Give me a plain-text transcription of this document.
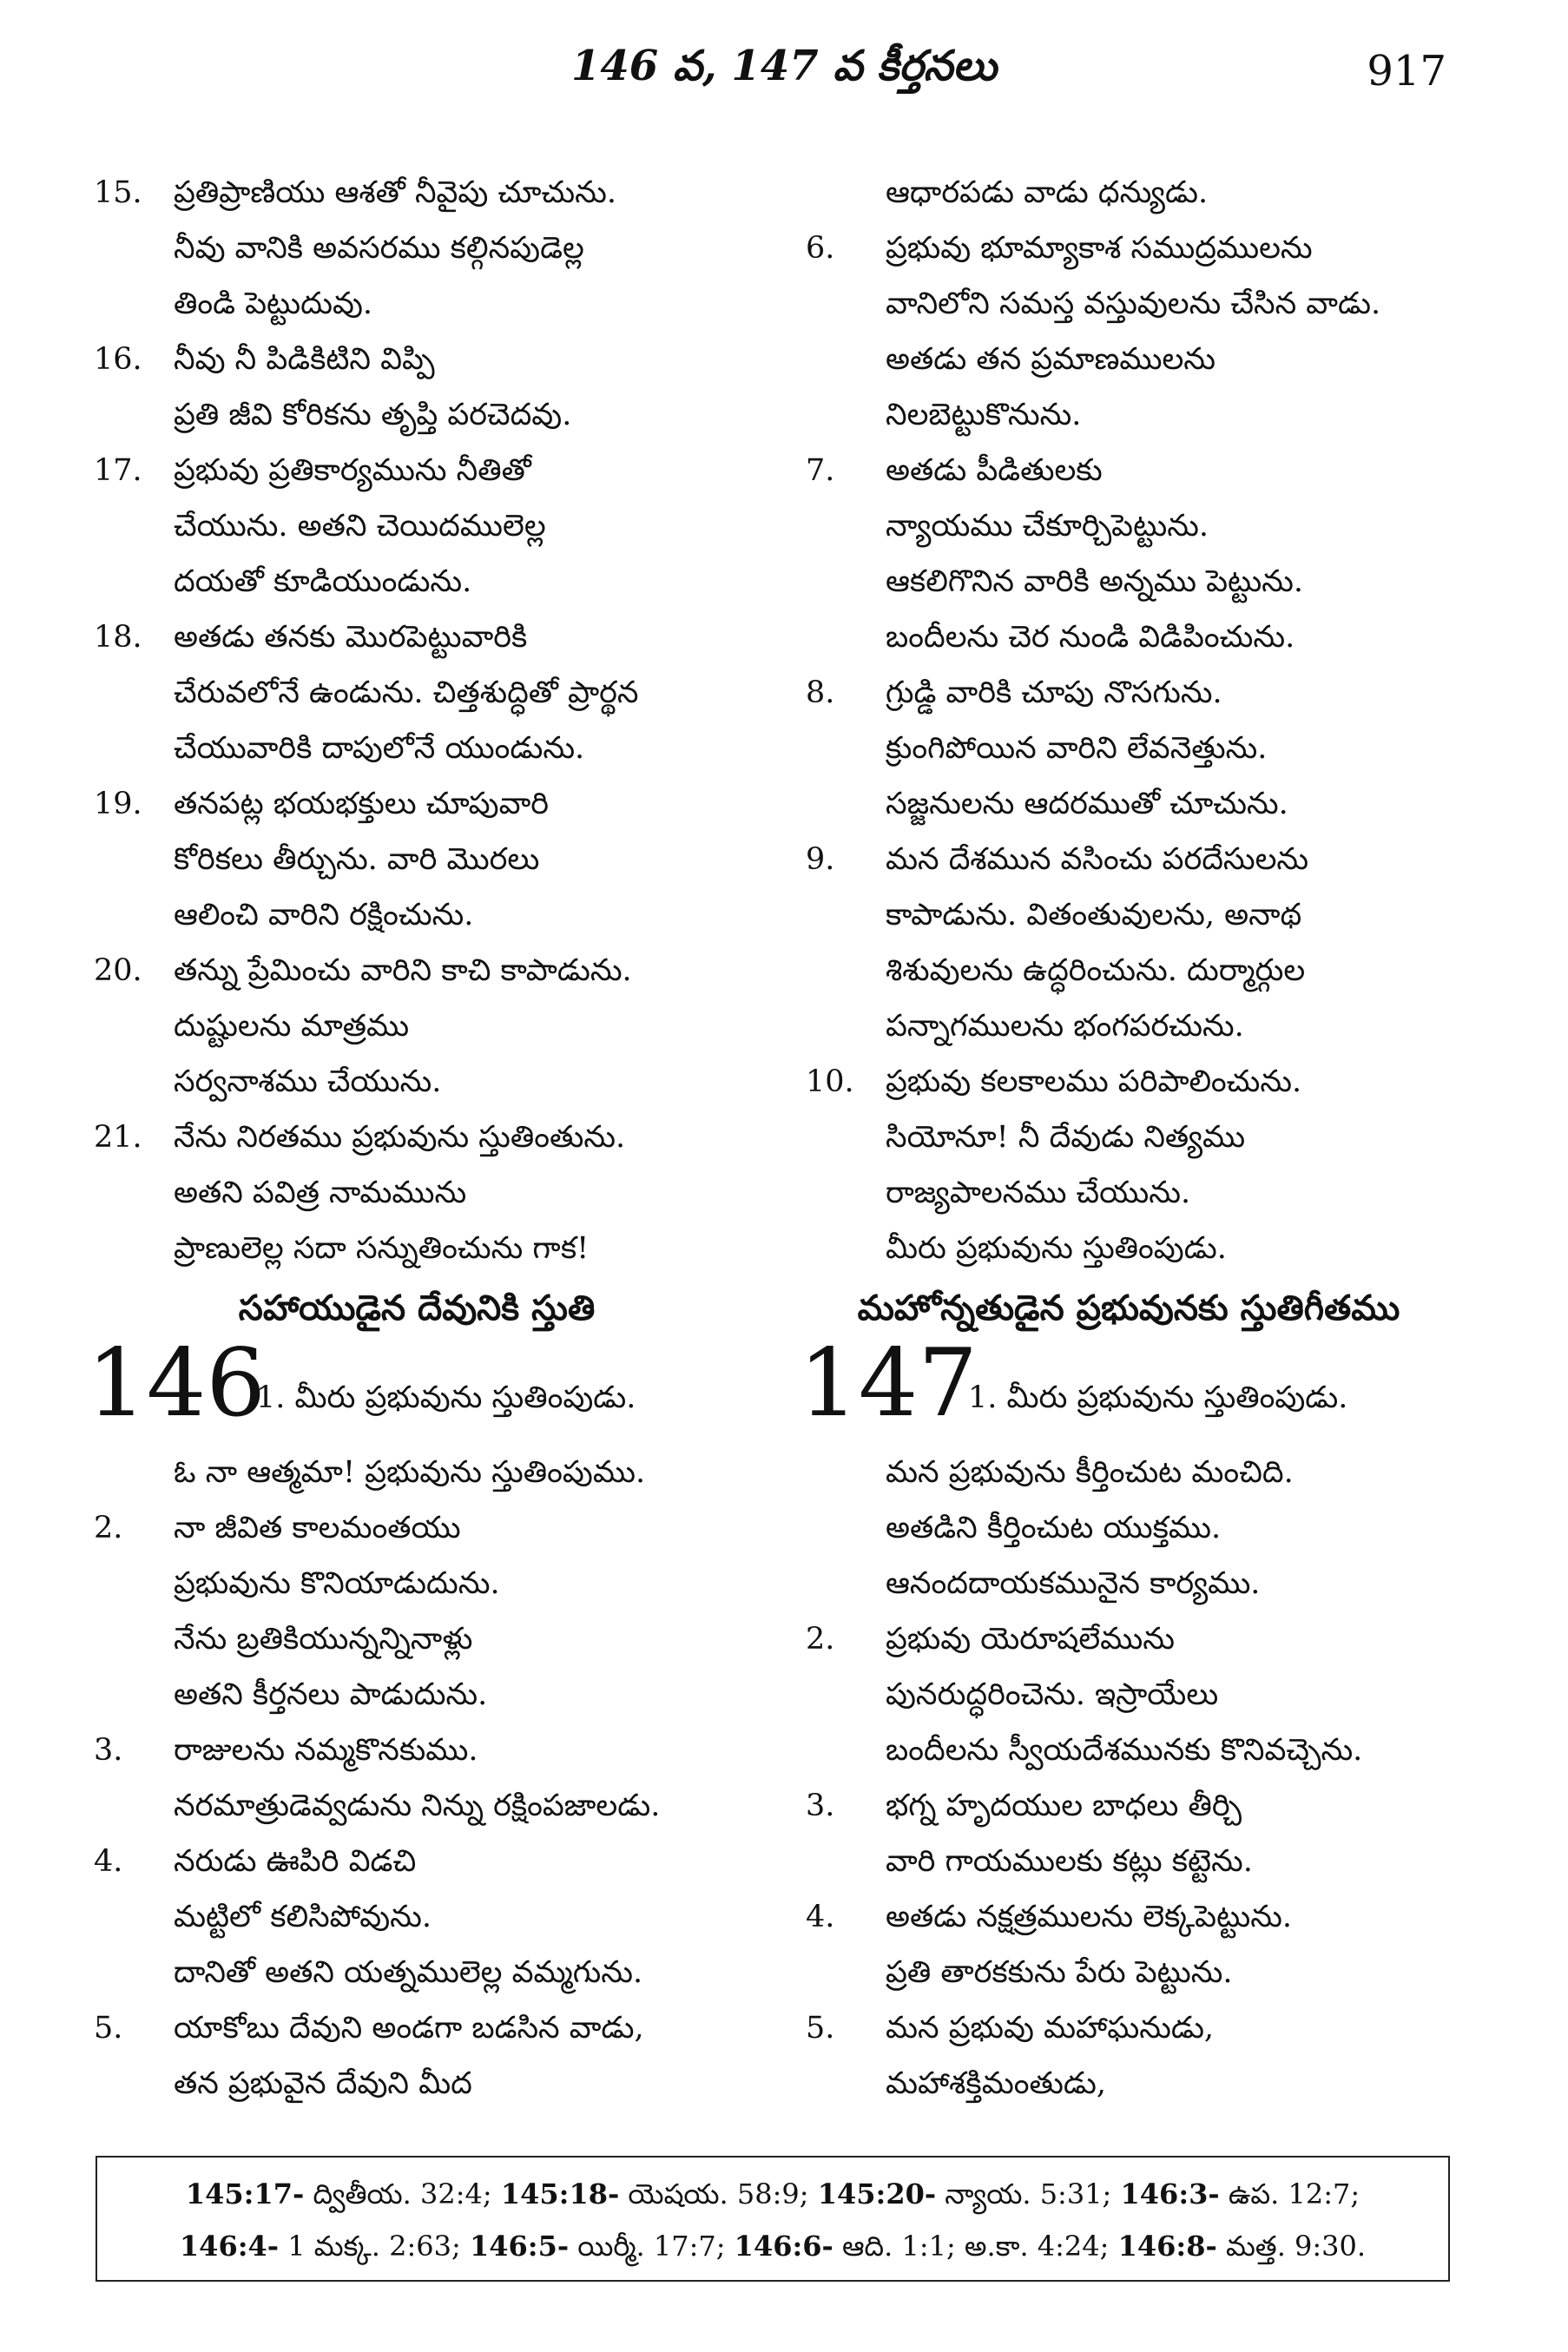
146 వ, 147 వ కీర్తనలు	917
15. ప్రతిప్రాణియు ఆశతో నీవైపు చూచును.
నీవు వానికి అవసరము కల్గినపుడెల్ల
తిండి పెట్టుదువు.
16. నీవు నీ పిడికిటిని విప్పి
ప్రతి జీవి కోరికను తృప్తి పరచెదవు.
17. ప్రభువు ప్రతికార్యమును నీతితో
చేయును. అతని చెయిదములెల్ల
దయతో కూడియుండును.
18. అతడు తనకు మొరపెట్టువారికి
చేరువలోనే ఉండును. చిత్తశుద్ధితో ప్రార్థన
చేయువారికి దాపులోనే యుండును.
19. తనపట్ల భయభక్తులు చూపువారి
కోరికలు తీర్చును. వారి మొరలు
ఆలించి వారిని రక్షించును.
20. తన్ను ప్రేమించు వారిని కాచి కాపాడును.
దుష్టులను మాత్రము
సర్వనాశము చేయును.
21. నేను నిరతము ప్రభువును స్తుతింతును.
అతని పవిత్ర నామమును
ప్రాణులెల్ల సదా సన్నుతించును గాక!
సహాయుడైన దేవునికి స్తుతి
146
1. మీరు ప్రభువును స్తుతింపుడు.
ఓ నా ఆత్మమా! ప్రభువును స్తుతింపుము.
2. నా జీవిత కాలమంతయు
ప్రభువును కొనియాడుదును.
నేను బ్రతికియున్నన్నినాళ్లు
అతని కీర్తనలు పాడుదును.
3. రాజులను నమ్మకొనకుము.
నరమాత్రుడెవ్వడును నిన్ను రక్షింపజాలడు.
4. నరుడు ఊపిరి విడచి
మట్టిలో కలిసిపోవును.
దానితో అతని యత్నములెల్ల వమ్మగును.
5. యాకోబు దేవుని అండగా బడసిన వాడు,
తన ప్రభువైన దేవుని మీద
ఆధారపడు వాడు ధన్యుడు.
6. ప్రభువు భూమ్యాకాశ సముద్రములను
వానిలోని సమస్త వస్తువులను చేసిన వాడు.
అతడు తన ప్రమాణములను
నిలబెట్టుకొనును.
7. అతడు పీడితులకు
న్యాయము చేకూర్చిపెట్టును.
ఆకలిగొనిన వారికి అన్నము పెట్టును.
బందీలను చెర నుండి విడిపించును.
8. గ్రుడ్డి వారికి చూపు నొసగును.
క్రుంగిపోయిన వారిని లేవనెత్తును.
సజ్జనులను ఆదరముతో చూచును.
9. మన దేశమున వసించు పరదేసులను
కాపాడును. వితంతువులను, అనాథ
శిశువులను ఉద్ధరించును. దుర్మార్గుల
పన్నాగములను భంగపరచును.
10. ప్రభువు కలకాలము పరిపాలించును.
సియోనూ! నీ దేవుడు నిత్యము
రాజ్యపాలనము చేయును.
మీరు ప్రభువును స్తుతింపుడు.
మహోన్నతుడైన ప్రభువునకు స్తుతిగీతము
147
1. మీరు ప్రభువును స్తుతింపుడు.
మన ప్రభువును కీర్తించుట మంచిది.
అతడిని కీర్తించుట యుక్తము.
ఆనందదాయకమునైన కార్యము.
2. ప్రభువు యెరూషలేమును
పునరుద్ధరించెను. ఇస్రాయేలు
బందీలను స్వీయదేశమునకు కొనివచ్చెను.
3. భగ్న హృదయుల బాధలు తీర్చి
వారి గాయములకు కట్లు కట్టెను.
4. అతడు నక్షత్రములను లెక్కపెట్టును.
ప్రతి తారకకును పేరు పెట్టును.
5. మన ప్రభువు మహాఘనుడు,
మహాశక్తిమంతుడు,
145:17- ద్వితీయ. 32:4; 145:18- యెషయ. 58:9; 145:20- న్యాయ. 5:31; 146:3- ఉప. 12:7;
146:4- 1 మక్క. 2:63; 146:5- యిర్మీ. 17:7; 146:6- ఆది. 1:1; అ.కా. 4:24; 146:8- మత్త. 9:30.
